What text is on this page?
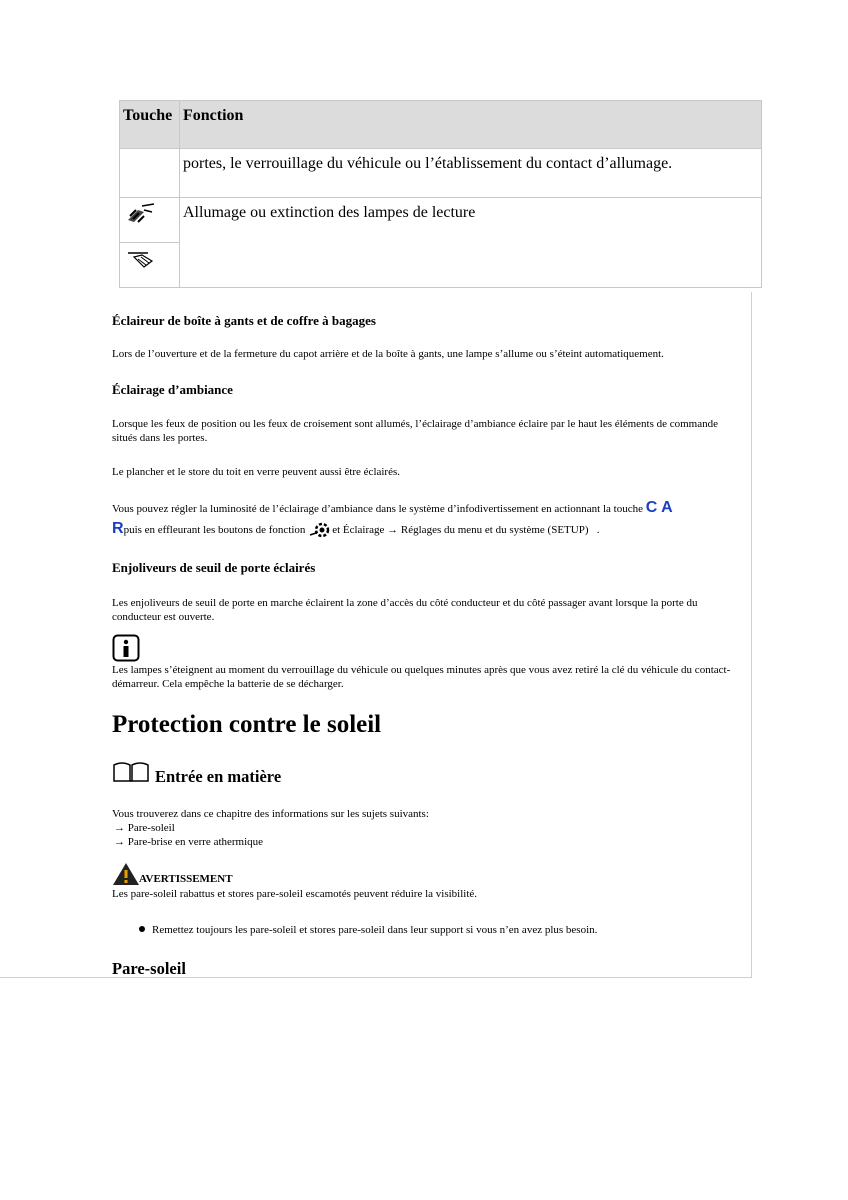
Touche	Fonction
	portes, le verrouillage du véhicule ou l’établissement du contact d’allumage.
	Allumage ou extinction des lampes de lecture

Éclaireur de boîte à gants et de coffre à bagages

Lors de l’ouverture et de la fermeture du capot arrière et de la boîte à gants, une lampe s’allume ou s’éteint automatiquement.

Éclairage d’ambiance

Lorsque les feux de position ou les feux de croisement sont allumés, l’éclairage d’ambiance éclaire par le haut les éléments de commande situés dans les portes.

Le plancher et le store du toit en verre peuvent aussi être éclairés.

Vous pouvez régler la luminosité de l’éclairage d’ambiance dans le système d’infodivertissement en actionnant la touche C A
Rpuis en effleurant les boutons de fonction et Éclairage → Réglages du menu et du système (SETUP) .

Enjoliveurs de seuil de porte éclairés

Les enjoliveurs de seuil de porte en marche éclairent la zone d’accès du côté conducteur et du côté passager avant lorsque la porte du conducteur est ouverte.

Les lampes s’éteignent au moment du verrouillage du véhicule ou quelques minutes après que vous avez retiré la clé du véhicule du contact-démarreur. Cela empêche la batterie de se décharger.

Protection contre le soleil
Entrée en matière

Vous trouverez dans ce chapitre des informations sur les sujets suivants:

→ Pare-soleil

→ Pare-brise en verre athermique

AVERTISSEMENT

Les pare-soleil rabattus et stores pare-soleil escamotés peuvent réduire la visibilité.

Remettez toujours les pare-soleil et stores pare-soleil dans leur support si vous n’en avez plus besoin.

Pare-soleil
